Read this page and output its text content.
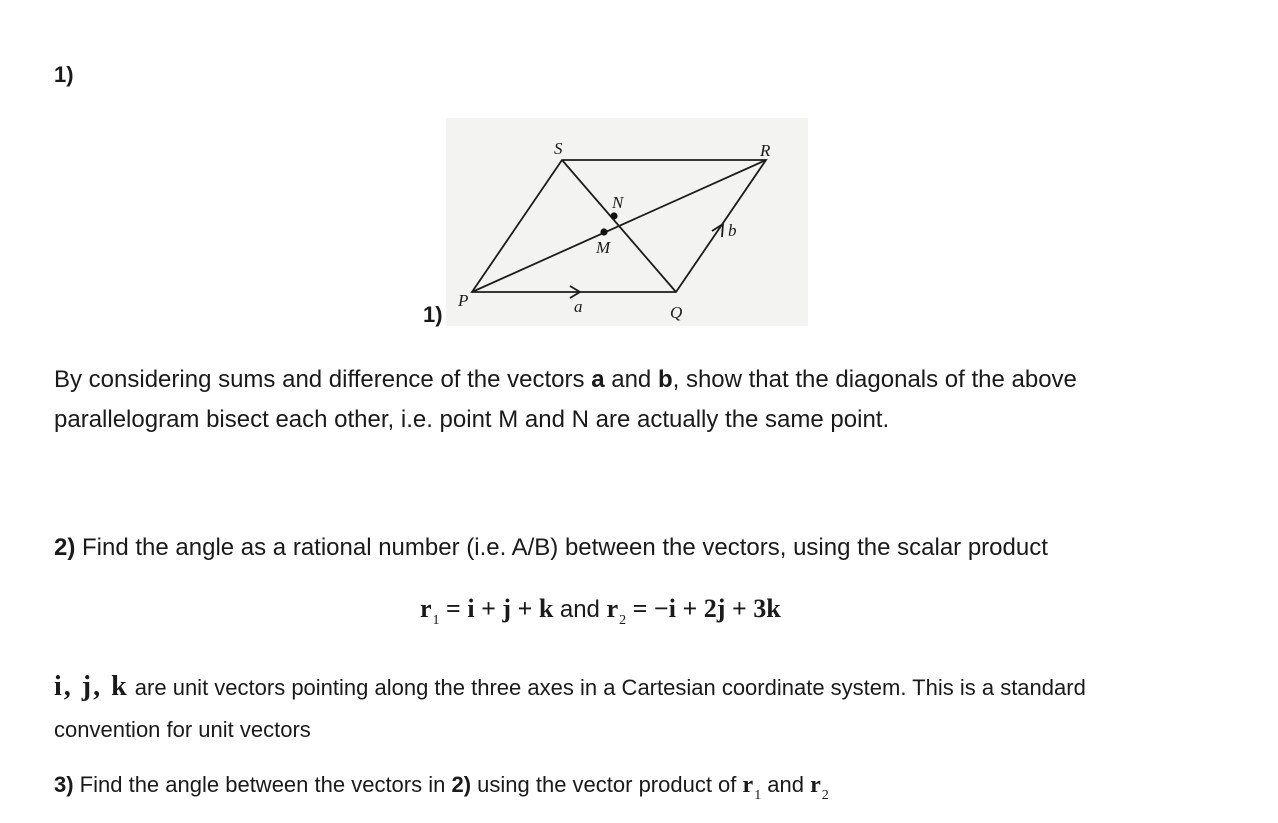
1)
S	R
N
M
P
Q
a
b
1)
By considering sums and difference of the vectors a and b, show that the diagonals of the above
parallelogram bisect each other, i.e. point M and N are actually the same point.
2) Find the angle as a rational number (i.e. A/B) between the vectors, using the scalar product
$r_1 = i + j + k$ and $r_2 = -i + 2j + 3k$
i, j, k are unit vectors pointing along the three axes in a Cartesian coordinate system. This is a standard
convention for unit vectors
3) Find the angle between the vectors in 2) using the vector product of $r_1$ and $r_2$
